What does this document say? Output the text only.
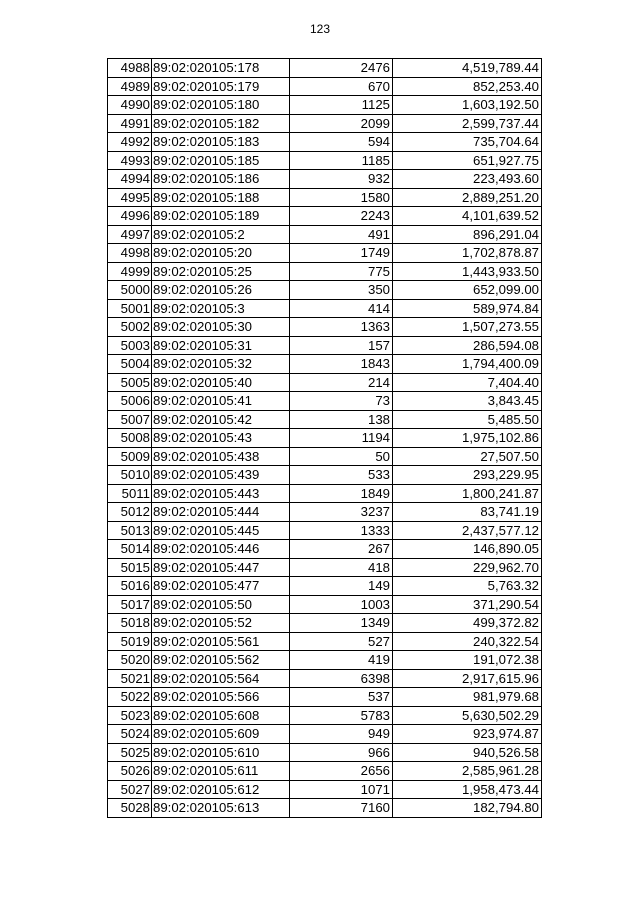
123
4988	89:02:020105:178	2476	4,519,789.44
4989	89:02:020105:179	670	852,253.40
4990	89:02:020105:180	1125	1,603,192.50
4991	89:02:020105:182	2099	2,599,737.44
4992	89:02:020105:183	594	735,704.64
4993	89:02:020105:185	1185	651,927.75
4994	89:02:020105:186	932	223,493.60
4995	89:02:020105:188	1580	2,889,251.20
4996	89:02:020105:189	2243	4,101,639.52
4997	89:02:020105:2	491	896,291.04
4998	89:02:020105:20	1749	1,702,878.87
4999	89:02:020105:25	775	1,443,933.50
5000	89:02:020105:26	350	652,099.00
5001	89:02:020105:3	414	589,974.84
5002	89:02:020105:30	1363	1,507,273.55
5003	89:02:020105:31	157	286,594.08
5004	89:02:020105:32	1843	1,794,400.09
5005	89:02:020105:40	214	7,404.40
5006	89:02:020105:41	73	3,843.45
5007	89:02:020105:42	138	5,485.50
5008	89:02:020105:43	1194	1,975,102.86
5009	89:02:020105:438	50	27,507.50
5010	89:02:020105:439	533	293,229.95
5011	89:02:020105:443	1849	1,800,241.87
5012	89:02:020105:444	3237	83,741.19
5013	89:02:020105:445	1333	2,437,577.12
5014	89:02:020105:446	267	146,890.05
5015	89:02:020105:447	418	229,962.70
5016	89:02:020105:477	149	5,763.32
5017	89:02:020105:50	1003	371,290.54
5018	89:02:020105:52	1349	499,372.82
5019	89:02:020105:561	527	240,322.54
5020	89:02:020105:562	419	191,072.38
5021	89:02:020105:564	6398	2,917,615.96
5022	89:02:020105:566	537	981,979.68
5023	89:02:020105:608	5783	5,630,502.29
5024	89:02:020105:609	949	923,974.87
5025	89:02:020105:610	966	940,526.58
5026	89:02:020105:611	2656	2,585,961.28
5027	89:02:020105:612	1071	1,958,473.44
5028	89:02:020105:613	7160	182,794.80
